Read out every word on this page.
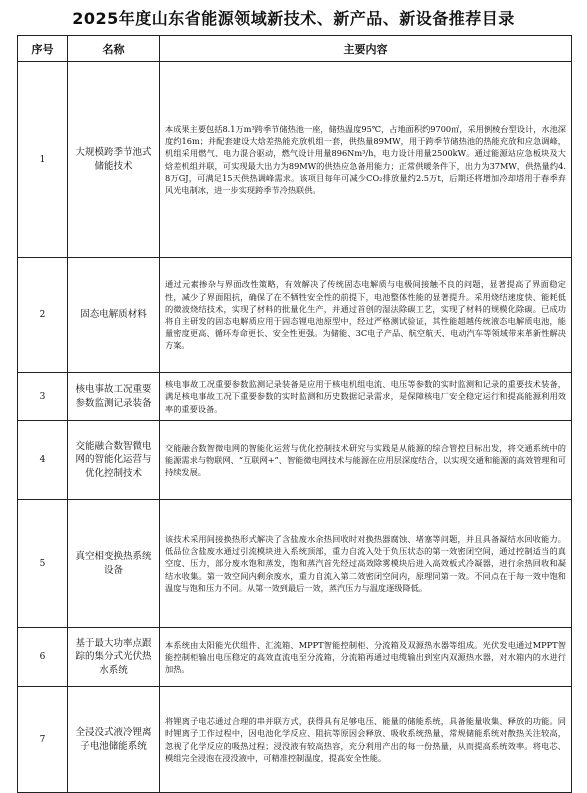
2025年度山东省能源领域新技术、新产品、新设备推荐目录
序号	名称	主要内容
1	大规模跨季节池式储能技术	本成果主要包括8.1万m³跨季节储热池一座，储热温度95℃，占地面积约9700㎡，采用倒棱台型设计，水池深度约16m；并配套建设大焓差热能充放机组一套，供热量89MW，用于跨季节储热池的热能充放和应急调峰，机组采用燃气、电力混合驱动，燃气设计用量896Nm³/h，电力设计用量2500kW。通过能源站应急板块及大焓差机组并联，可实现最大出力为89MW的供热应急备用能力；正常供暖条件下，出力为37MW，供热量约4.8万GJ，可满足15天供热调峰需求。该项目每年可减少CO₂排放量约2.5万t，后期还将增加冷却塔用于春季弃风光电制冰，进一步实现跨季节冷热联供。
2	固态电解质材料	通过元素掺杂与界面改性策略，有效解决了传统固态电解质与电极间接触不良的问题，显著提高了界面稳定性，减少了界面阻抗，确保了在不牺牲安全性的前提下，电池整体性能的显著提升。采用烧结速度快、能耗低的微波烧结技术，实现了材料的批量化生产，并通过首创的湿法除碳工艺，实现了材料的规模化除碳。已成功将自主研发的固态电解质应用于固态锂电池原型中，经过严格测试验证，其性能超越传统液态电解质电池，能量密度更高、循环寿命更长、安全性更强。为储能、3C电子产品、航空航天、电动汽车等领域带来革新性解决方案。
3	核电事故工况重要参数监测记录装备	核电事故工况重要参数监测记录装备是应用于核电机组电流、电压等参数的实时监测和记录的重要技术装备，满足核电事故工况下重要参数的实时监测和历史数据记录需求，是保障核电厂安全稳定运行和提高能源利用效率的重要设备。
4	交能融合数智微电网的智能化运营与优化控制技术	交能融合数智微电网的智能化运营与优化控制技术研究与实践是从能源的综合管控目标出发，将交通系统中的能源需求与物联网、“互联网+”、智能微电网技术与能源在应用层深度结合，以实现交通和能源的高效管理和可持续发展。
5	真空相变换热系统设备	该技术采用间接换热形式解决了含盐废水余热回收时对换热器腐蚀、堵塞等问题，并且具备凝结水回收能力。低品位含盐废水通过引流模块进入系统顶部，重力自流入处于负压状态的第一效密闭空间，通过控制适当的真空度、压力，部分废水饱和蒸发，饱和蒸汽首先经过高效除雾模块后进入高效板式冷凝器，进行余热回收和凝结水收集。第一效空间内剩余废水，重力自流入第二效密闭空间内，原理同第一效。不同点在于每一效中饱和温度与饱和压力不同。从第一效到最后一效，蒸汽压力与温度逐级降低。
6	基于最大功率点跟踪的集分式光伏热水系统	本系统由太阳能光伏组件、汇流箱、MPPT智能控制柜、分流箱及双源热水器等组成。光伏发电通过MPPT智能控制柜输出电压稳定的高效直流电至分流箱，分流箱再通过电缆输出到室内双源热水器，对水箱内的水进行加热。
7	全浸没式液冷锂离子电池储能系统	将锂离子电芯通过合理的串并联方式，获得具有足够电压、能量的储能系统，具备能量收集、释放的功能。同时锂离子工作过程中，因电池化学反应、阻抗等原因会释放、吸收系统热量，常规储能系统对散热关注较高，忽视了化学反应的吸热过程；浸没液有较高热容，充分利用产出的每一份热量，从而提高系统效率。将电芯、模组完全浸泡在浸没液中，可精准控制温度，提高安全性能。
